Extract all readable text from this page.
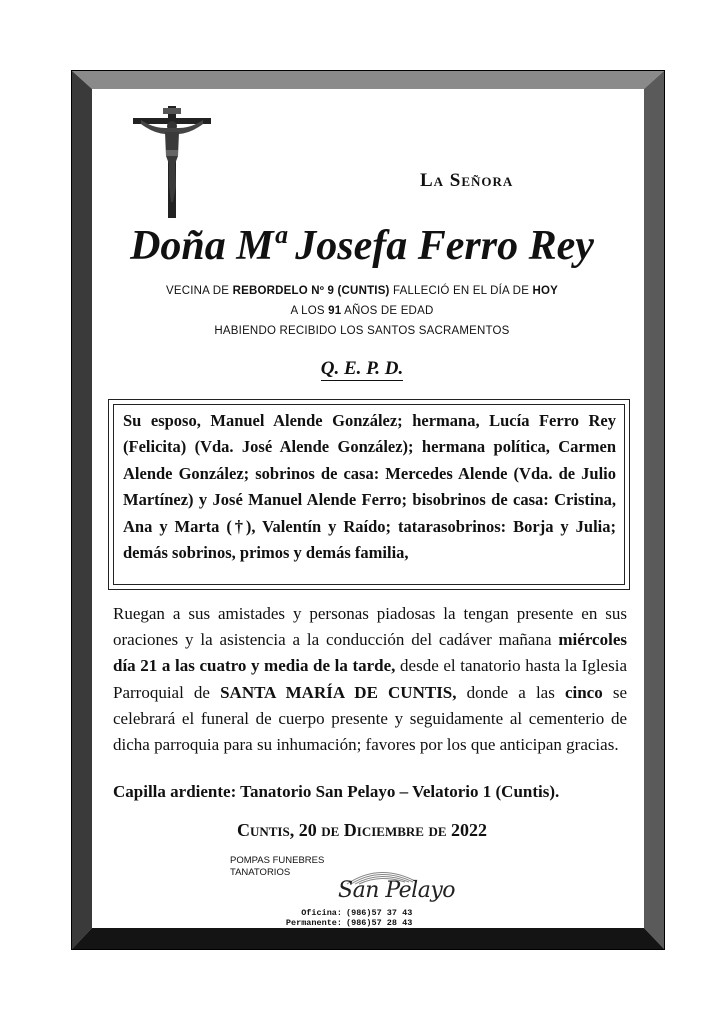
La Señora
Doña Mª Josefa Ferro Rey
VECINA DE REBORDELO Nº 9 (CUNTIS) FALLECIÓ EN EL DÍA DE HOY
A LOS 91 AÑOS DE EDAD
HABIENDO RECIBIDO LOS SANTOS SACRAMENTOS
Q. E. P. D.

Su esposo, Manuel Alende González; hermana, Lucía Ferro Rey (Felicita) (Vda. José Alende González); hermana política, Carmen Alende González; sobrinos de casa: Mercedes Alende (Vda. de Julio Martínez) y José Manuel Alende Ferro; bisobrinos de casa: Cristina, Ana y Marta (†), Valentín y Raído; tatarasobrinos: Borja y Julia; demás sobrinos, primos y demás familia,

Ruegan a sus amistades y personas piadosas la tengan presente en sus oraciones y la asistencia a la conducción del cadáver mañana miércoles día 21 a las cuatro y media de la tarde, desde el tanatorio hasta la Iglesia Parroquial de SANTA MARÍA DE CUNTIS, donde a las cinco se celebrará el funeral de cuerpo presente y seguidamente al cementerio de dicha parroquia para su inhumación; favores por los que anticipan gracias.

Capilla ardiente: Tanatorio San Pelayo – Velatorio 1 (Cuntis).
Cuntis, 20 de Diciembre de 2022
POMPAS FUNEBRES
TANATORIOS
San Pelayo
Oficina: (986)57 37 43
Permanente: (986)57 28 43
